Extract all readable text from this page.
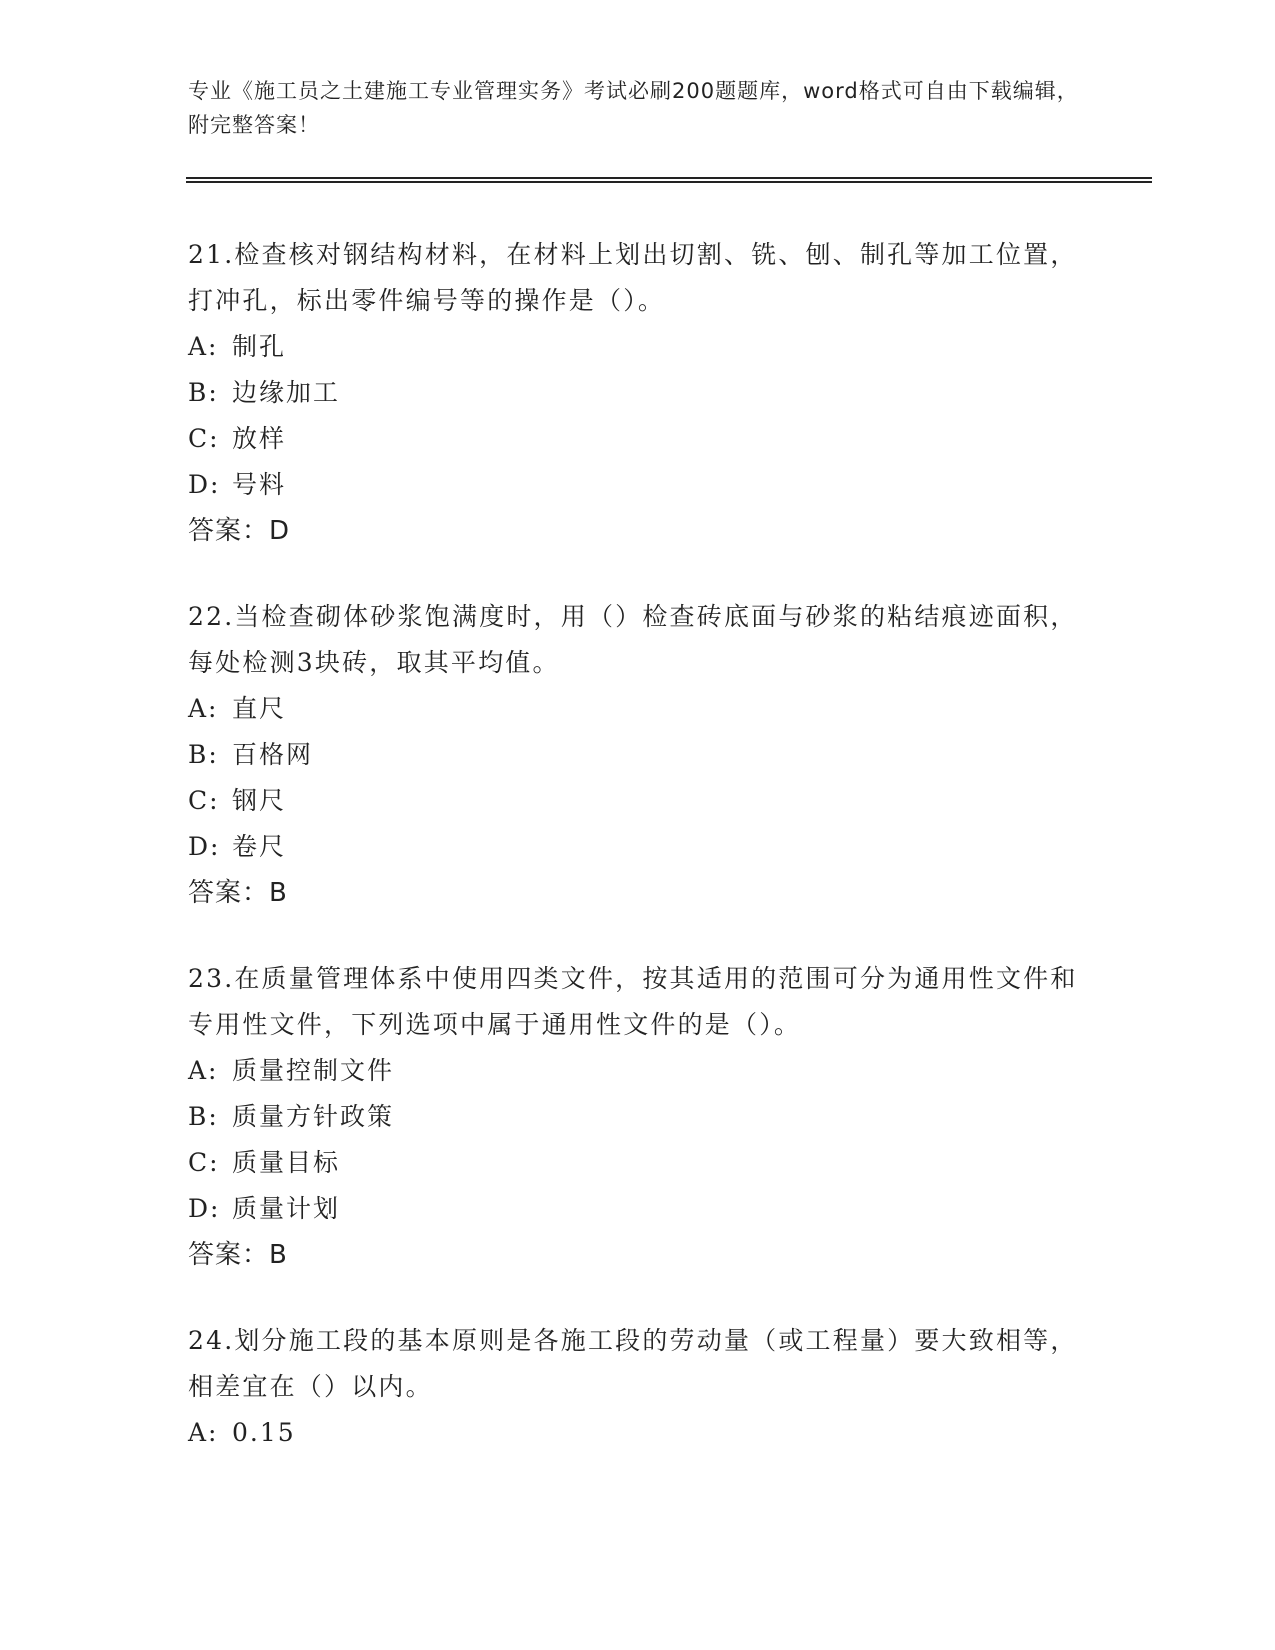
专业《施工员之土建施工专业管理实务》考试必刷200题题库，word格式可自由下载编辑，附完整答案！

21.检查核对钢结构材料，在材料上划出切割、铣、刨、制孔等加工位置，打冲孔，标出零件编号等的操作是（）。

A: 制孔

B: 边缘加工

C: 放样

D: 号料

答案：D

22.当检查砌体砂浆饱满度时，用（）检查砖底面与砂浆的粘结痕迹面积，每处检测3块砖，取其平均值。

A: 直尺

B: 百格网

C: 钢尺

D: 卷尺

答案：B

23.在质量管理体系中使用四类文件，按其适用的范围可分为通用性文件和专用性文件，下列选项中属于通用性文件的是（）。

A: 质量控制文件

B: 质量方针政策

C: 质量目标

D: 质量计划

答案：B

24.划分施工段的基本原则是各施工段的劳动量（或工程量）要大致相等，相差宜在（）以内。

A: 0.15
